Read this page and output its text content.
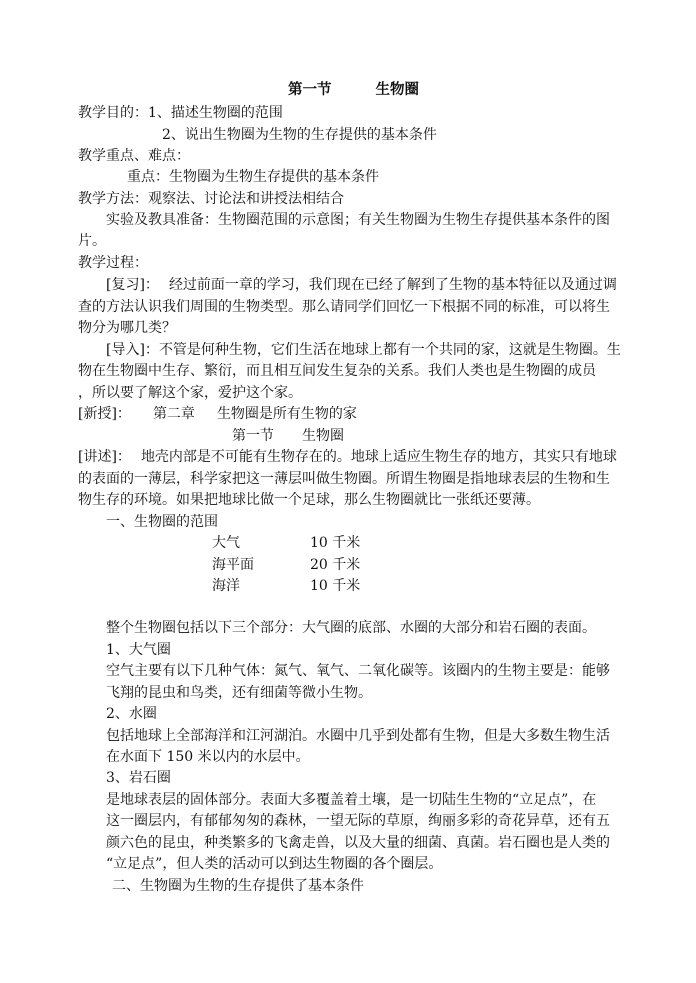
第一节	生物圈
教学目的：1、描述生物圈的范围
2、说出生物圈为生物的生存提供的基本条件
教学重点、难点：
重点：生物圈为生物生存提供的基本条件
教学方法：观察法、讨论法和讲授法相结合
实验及教具准备：生物圈范围的示意图；有关生物圈为生物生存提供基本条件的图
片。
教学过程：
[复习]： 经过前面一章的学习，我们现在已经了解到了生物的基本特征以及通过调
查的方法认识我们周围的生物类型。那么请同学们回忆一下根据不同的标准，可以将生
物分为哪几类？
[导入]：不管是何种生物，它们生活在地球上都有一个共同的家，这就是生物圈。生
物在生物圈中生存、繁衍，而且相互间发生复杂的关系。我们人类也是生物圈的成员
，所以要了解这个家，爱护这个家。
[新授]： 第二章 生物圈是所有生物的家
第一节 生物圈
[讲述]： 地壳内部是不可能有生物存在的。地球上适应生物生存的地方，其实只有地球
的表面的一薄层，科学家把这一薄层叫做生物圈。所谓生物圈是指地球表层的生物和生
物生存的环境。如果把地球比做一个足球，那么生物圈就比一张纸还要薄。
一、生物圈的范围
大气	10 千米
海平面	20 千米
海洋	10 千米
整个生物圈包括以下三个部分：大气圈的底部、水圈的大部分和岩石圈的表面。
1、大气圈
空气主要有以下几种气体：氮气、氧气、二氧化碳等。该圈内的生物主要是：能够
飞翔的昆虫和鸟类，还有细菌等微小生物。
2、水圈
包括地球上全部海洋和江河湖泊。水圈中几乎到处都有生物，但是大多数生物生活
在水面下 150 米以内的水层中。
3、岩石圈
是地球表层的固体部分。表面大多覆盖着土壤，是一切陆生生物的“立足点”，在
这一圈层内，有郁郁匆匆的森林，一望无际的草原，绚丽多彩的奇花异草，还有五
颜六色的昆虫，种类繁多的飞禽走兽，以及大量的细菌、真菌。岩石圈也是人类的
“立足点”，但人类的活动可以到达生物圈的各个圈层。
二、生物圈为生物的生存提供了基本条件
